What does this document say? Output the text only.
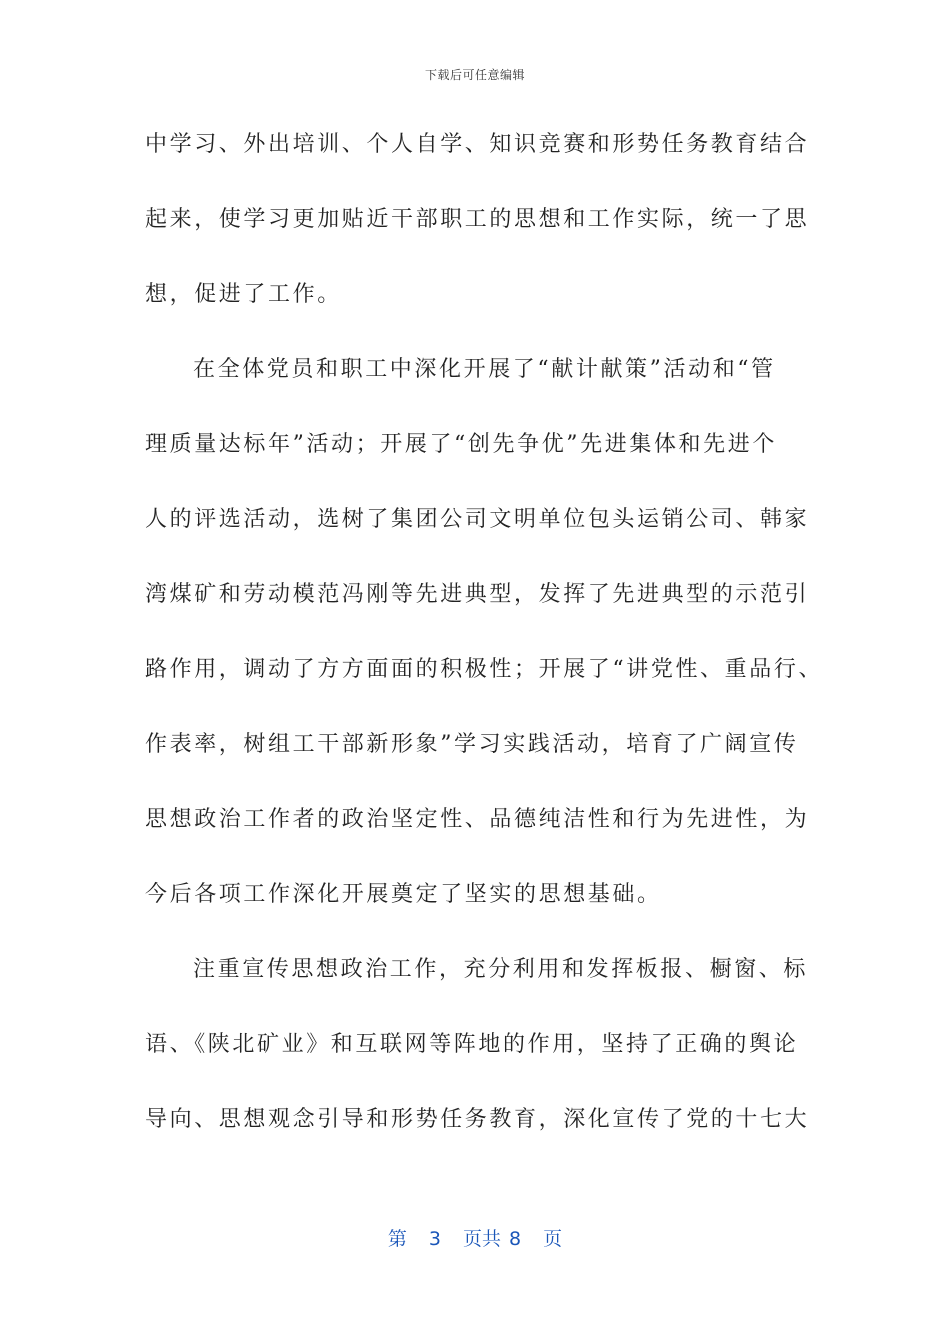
下载后可任意编辑
中学习、外出培训、个人自学、知识竞赛和形势任务教育结合
起来，使学习更加贴近干部职工的思想和工作实际，统一了思
想，促进了工作。
在全体党员和职工中深化开展了“献计献策”活动和“管
理质量达标年”活动；开展了“创先争优”先进集体和先进个
人的评选活动，选树了集团公司文明单位包头运销公司、韩家
湾煤矿和劳动模范冯刚等先进典型，发挥了先进典型的示范引
路作用，调动了方方面面的积极性；开展了“讲党性、重品行、
作表率，树组工干部新形象”学习实践活动，培育了广阔宣传
思想政治工作者的政治坚定性、品德纯洁性和行为先进性，为
今后各项工作深化开展奠定了坚实的思想基础。
注重宣传思想政治工作，充分利用和发挥板报、橱窗、标
语、《陕北矿业》和互联网等阵地的作用，坚持了正确的舆论
导向、思想观念引导和形势任务教育，深化宣传了党的十七大
第 3 页共 8 页
